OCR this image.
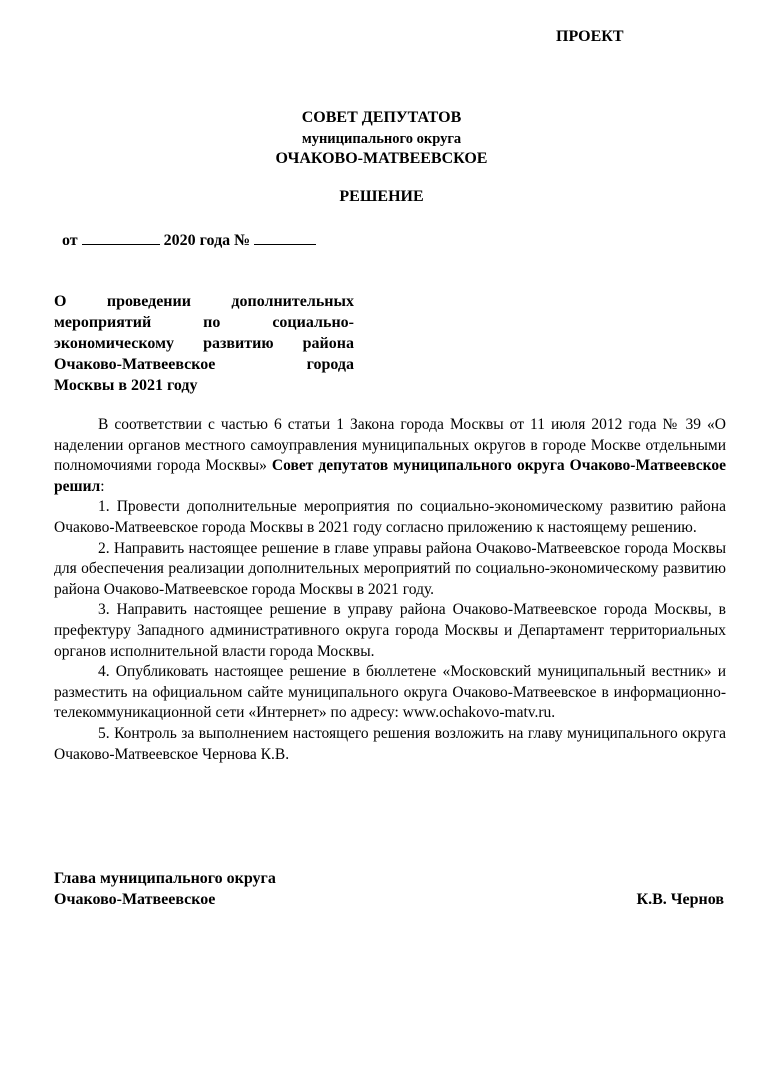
ПРОЕКТ
СОВЕТ ДЕПУТАТОВ
муниципального округа
ОЧАКОВО-МАТВЕЕВСКОЕ
РЕШЕНИЕ
от	2020 года №
О проведении дополнительных
мероприятий по социально-
экономическому развитию района
Очаково-Матвеевское города
Москвы в 2021 году

В соответствии с частью 6 статьи 1 Закона города Москвы от 11 июля 2012 года № 39 «О наделении органов местного самоуправления муниципальных округов в городе Москве отдельными полномочиями города Москвы» Совет депутатов муниципального округа Очаково-Матвеевское решил:

1. Провести дополнительные мероприятия по социально-экономическому развитию района Очаково-Матвеевское города Москвы в 2021 году согласно приложению к настоящему решению.

2. Направить настоящее решение в главе управы района Очаково-Матвеевское города Москвы для обеспечения реализации дополнительных мероприятий по социально-экономическому развитию района Очаково-Матвеевское города Москвы в 2021 году.

3. Направить настоящее решение в управу района Очаково-Матвеевское города Москвы, в префектуру Западного административного округа города Москвы и Департамент территориальных органов исполнительной власти города Москвы.

4. Опубликовать настоящее решение в бюллетене «Московский муниципальный вестник» и разместить на официальном сайте муниципального округа Очаково-Матвеевское в информационно-телекоммуникационной сети «Интернет» по адресу: www.ochakovo-matv.ru.

5. Контроль за выполнением настоящего решения возложить на главу муниципального округа Очаково-Матвеевское Чернова К.В.

Глава муниципального округа
Очаково-Матвеевское	К.В. Чернов
